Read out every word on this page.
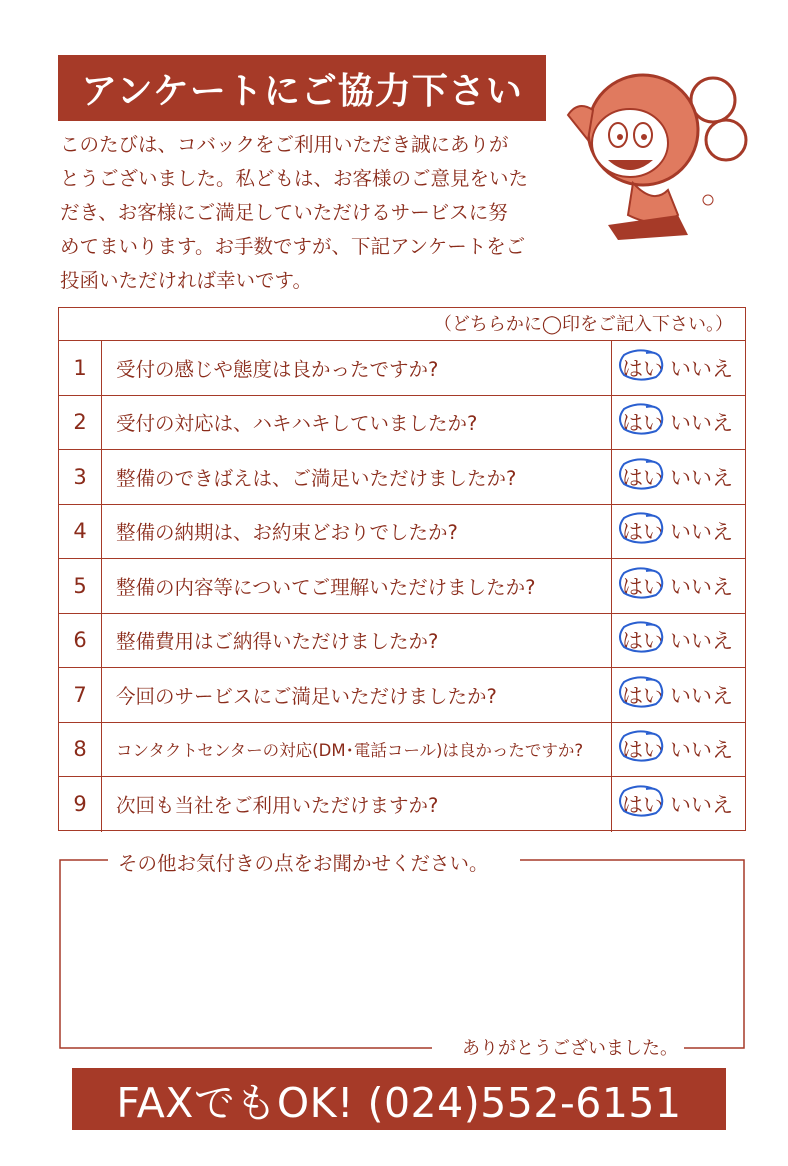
アンケートにご協力下さい
このたびは、コバックをご利用いただき誠にありが
とうございました。私どもは、お客様のご意見をいた
だき、お客様にご満足していただけるサービスに努
めてまいります。お手数ですが、下記アンケートをご
投函いただければ幸いです。
（どちらかに◯印をご記入下さい。）
1	受付の感じや態度は良かったですか?	はい いいえ
2	受付の対応は、ハキハキしていましたか?	はい いいえ
3	整備のできばえは、ご満足いただけましたか?	はい いいえ
4	整備の納期は、お約束どおりでしたか?	はい いいえ
5	整備の内容等についてご理解いただけましたか?	はい いいえ
6	整備費用はご納得いただけましたか?	はい いいえ
7	今回のサービスにご満足いただけましたか?	はい いいえ
8	コンタクトセンターの対応(DM･電話コール)は良かったですか?	はい いいえ
9	次回も当社をご利用いただけますか?	はい いいえ
その他お気付きの点をお聞かせください。
ありがとうございました。
FAXでもOK! (024)552-6151
